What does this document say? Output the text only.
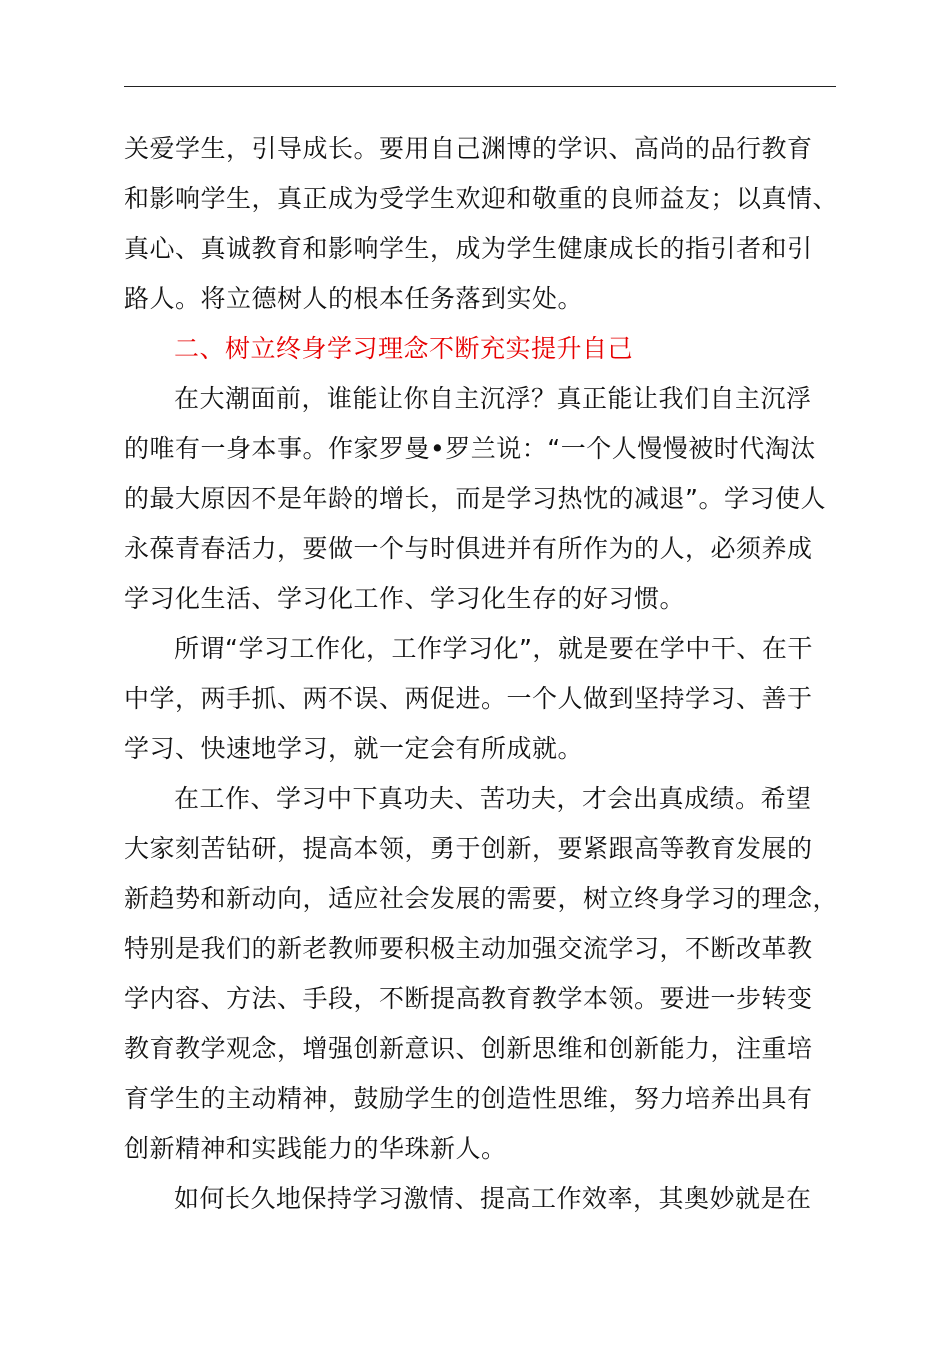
关爱学生，引导成长。要用自己渊博的学识、高尚的品行教育
和影响学生，真正成为受学生欢迎和敬重的良师益友；以真情、
真心、真诚教育和影响学生，成为学生健康成长的指引者和引
路人。将立德树人的根本任务落到实处。
二、树立终身学习理念不断充实提升自己
在大潮面前，谁能让你自主沉浮？真正能让我们自主沉浮
的唯有一身本事。作家罗曼•罗兰说：“一个人慢慢被时代淘汰
的最大原因不是年龄的增长，而是学习热忱的减退”。学习使人
永葆青春活力，要做一个与时俱进并有所作为的人，必须养成
学习化生活、学习化工作、学习化生存的好习惯。
所谓“学习工作化，工作学习化”，就是要在学中干、在干
中学，两手抓、两不误、两促进。一个人做到坚持学习、善于
学习、快速地学习，就一定会有所成就。
在工作、学习中下真功夫、苦功夫，才会出真成绩。希望
大家刻苦钻研，提高本领，勇于创新，要紧跟高等教育发展的
新趋势和新动向，适应社会发展的需要，树立终身学习的理念，
特别是我们的新老教师要积极主动加强交流学习，不断改革教
学内容、方法、手段，不断提高教育教学本领。要进一步转变
教育教学观念，增强创新意识、创新思维和创新能力，注重培
育学生的主动精神，鼓励学生的创造性思维，努力培养出具有
创新精神和实践能力的华珠新人。
如何长久地保持学习激情、提高工作效率，其奥妙就是在
